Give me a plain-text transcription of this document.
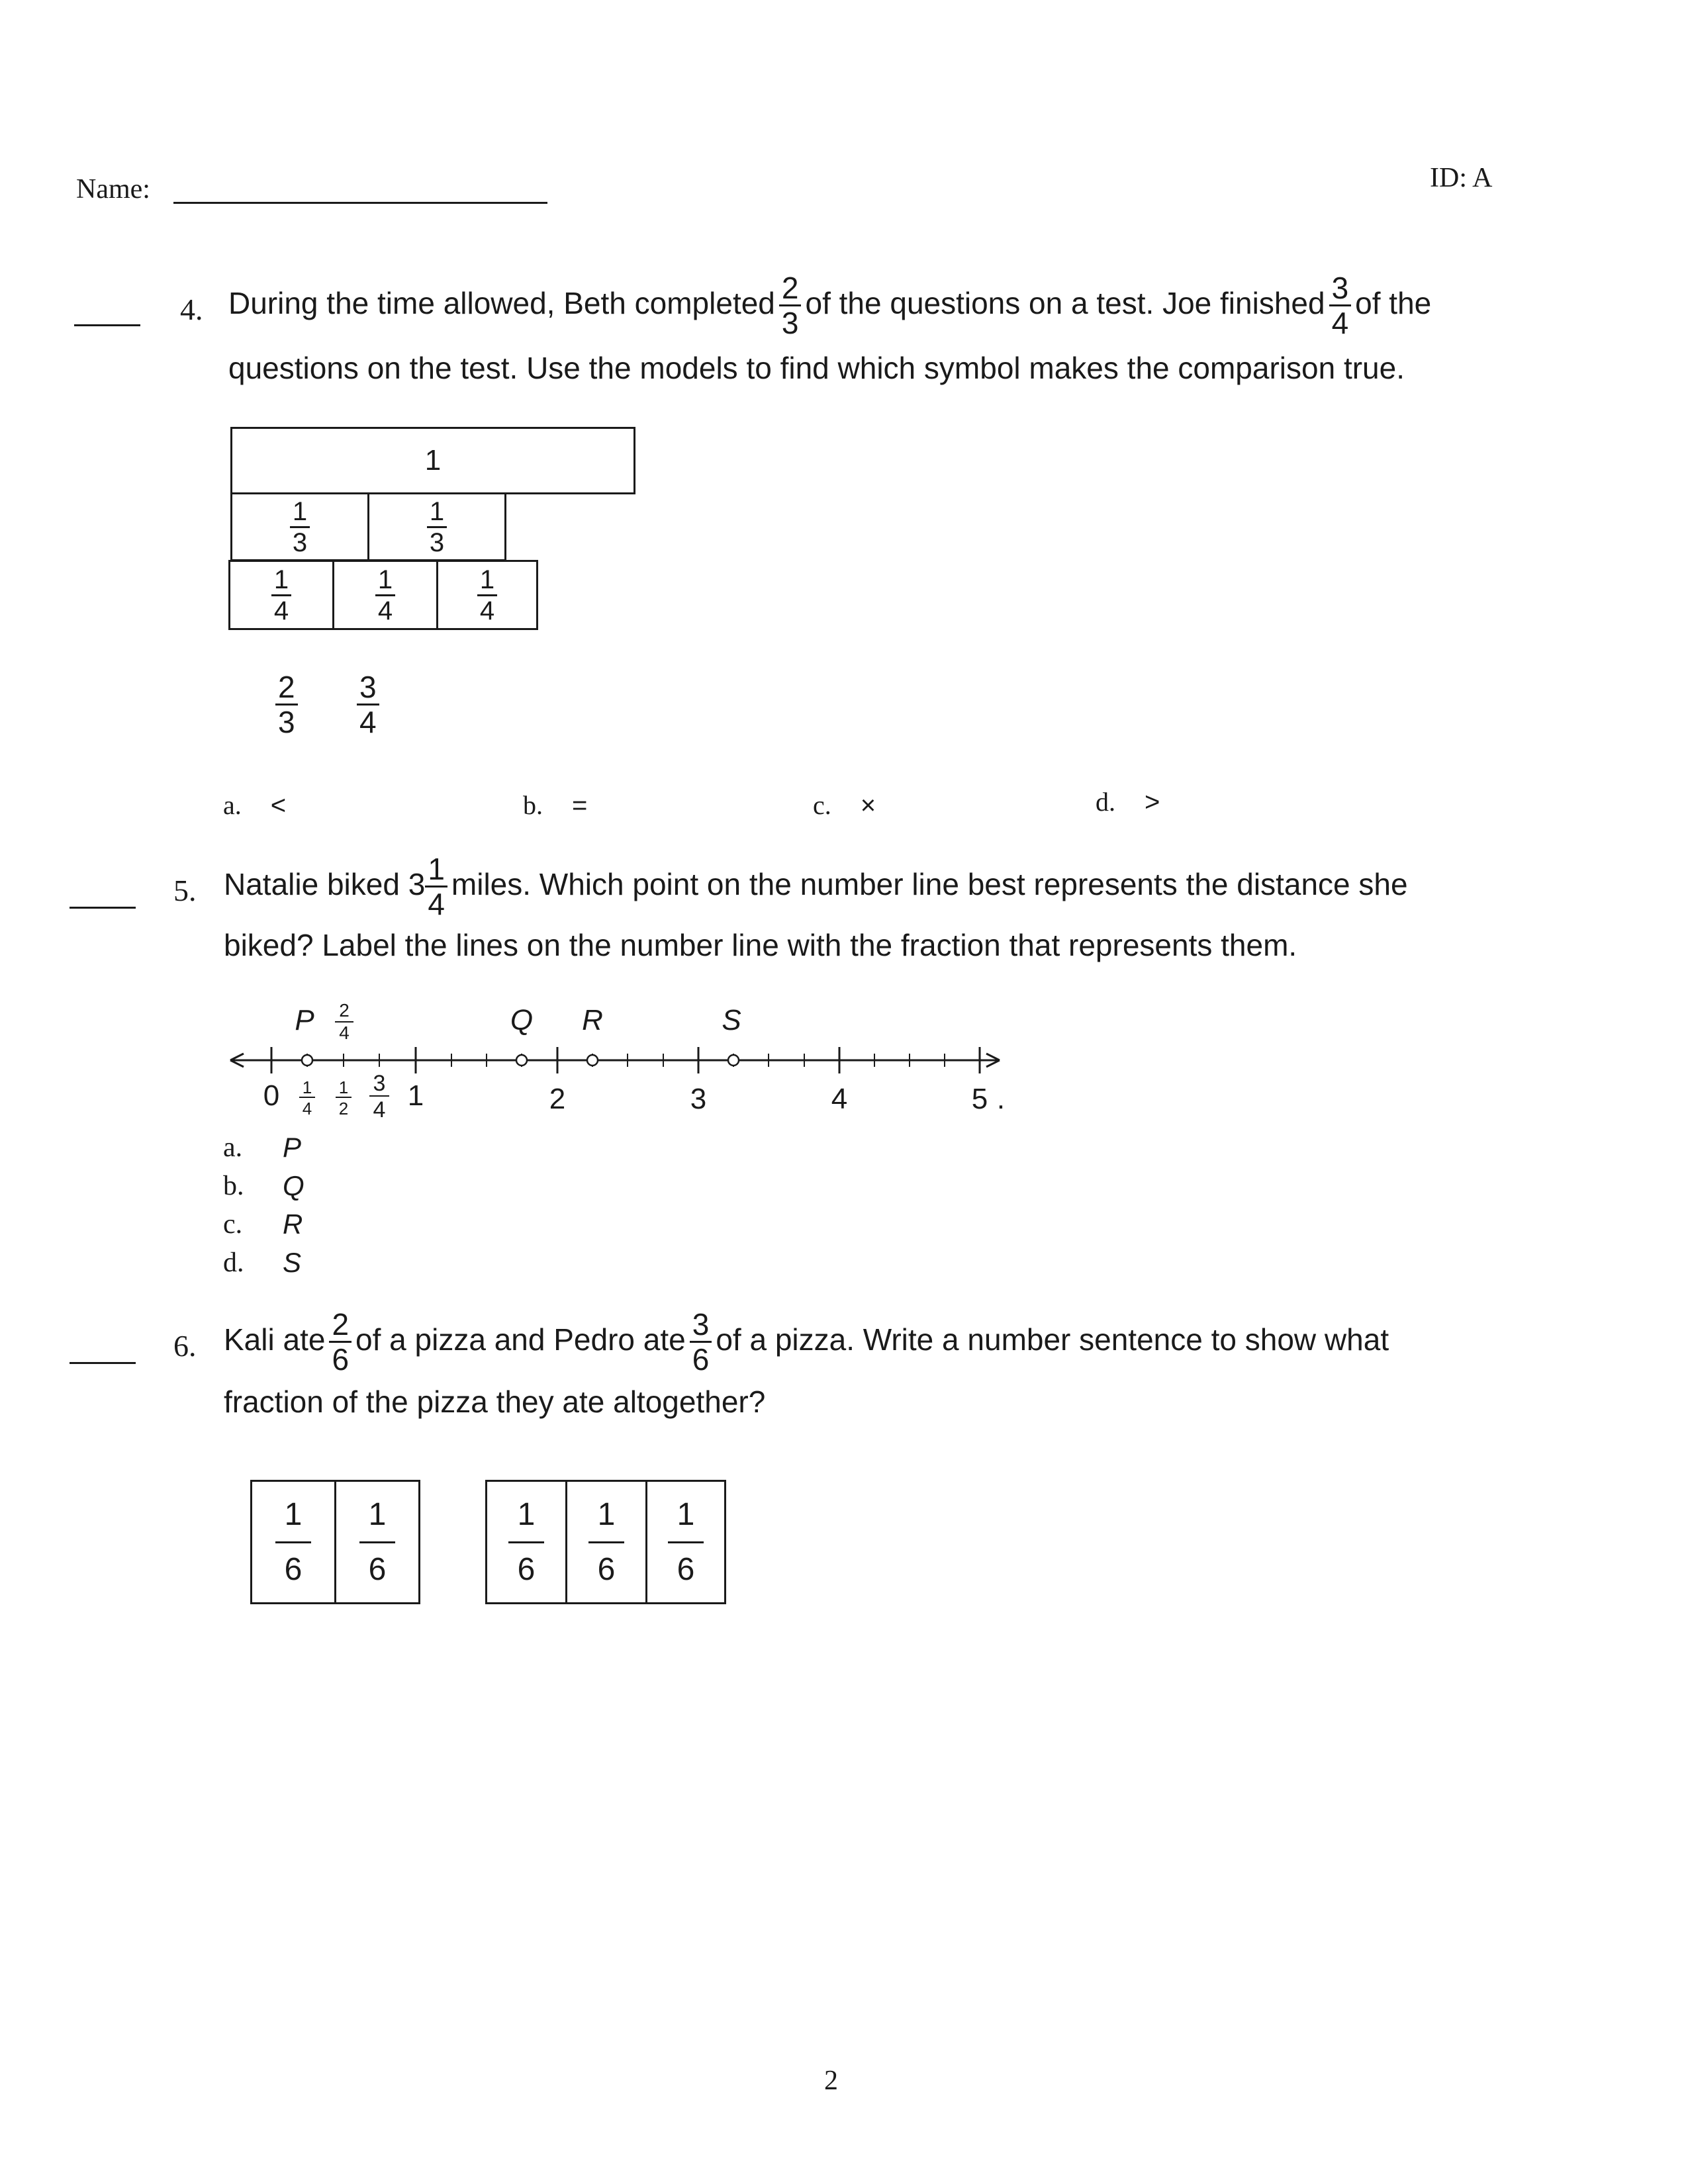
Name:	ID: A
4. During the time allowed, Beth completed $\frac{2}{3}$ of the questions on a test. Joe finished $\frac{3}{4}$ of the
questions on the test. Use the models to find which symbol makes the comparison true.
1
$\frac{1}{3}$	$\frac{1}{3}$
$\frac{1}{4}$	$\frac{1}{4}$	$\frac{1}{4}$
$\frac{2}{3} \frac{3}{4}$
a. <	b. =	c. ×	d. >
5. Natalie biked $3 \frac{1}{4}$ miles. Which point on the number line best represents the distance she
biked? Label the lines on the number line with the fraction that represents them.
P	Q R	S
2
4
0 1
4
1
2
3
4 1	2	3	4	5 .
a. P
b. Q
c. R
d. S
6. Kali ate $\frac{2}{6}$ of a pizza and Pedro ate $\frac{3}{6}$ of a pizza. Write a number sentence to show what
fraction of the pizza they ate altogether?
$\frac{1}{6} \frac{1}{6}$	$\frac{1}{6} \frac{1}{6} \frac{1}{6}$
2
